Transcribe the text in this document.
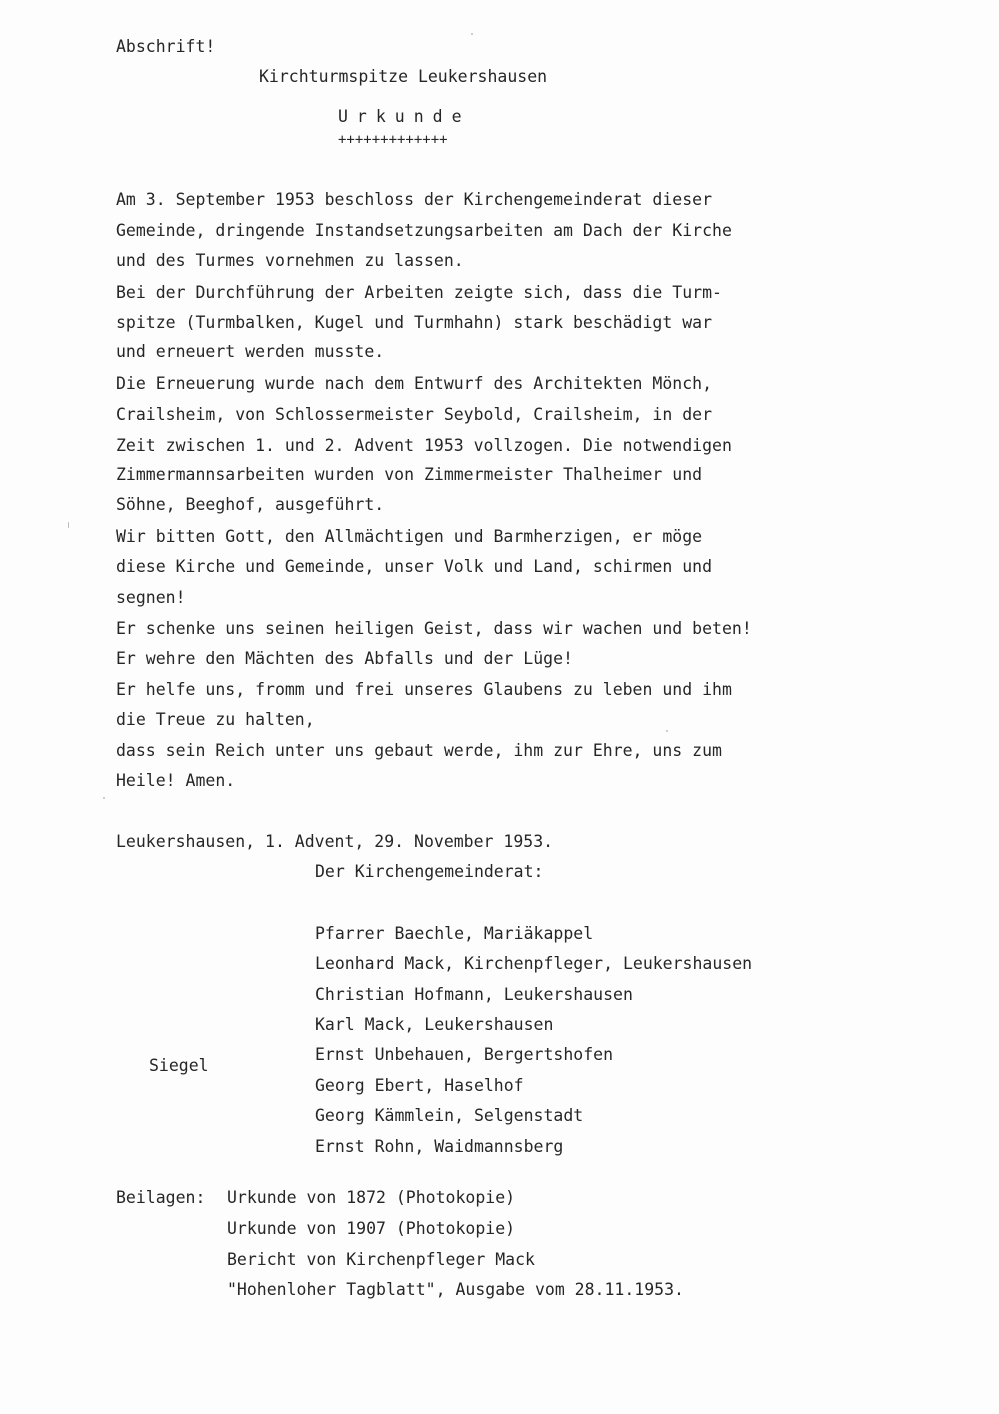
Abschrift!
Kirchturmspitze Leukershausen
Urkunde
+++++++++++++
Am 3. September 1953 beschloss der Kirchengemeinderat dieser
Gemeinde, dringende Instandsetzungsarbeiten am Dach der Kirche
und des Turmes vornehmen zu lassen.
Bei der Durchführung der Arbeiten zeigte sich, dass die Turm-
spitze (Turmbalken, Kugel und Turmhahn) stark beschädigt war
und erneuert werden musste.
Die Erneuerung wurde nach dem Entwurf des Architekten Mönch,
Crailsheim, von Schlossermeister Seybold, Crailsheim, in der
Zeit zwischen 1. und 2. Advent 1953 vollzogen. Die notwendigen
Zimmermannsarbeiten wurden von Zimmermeister Thalheimer und
Söhne, Beeghof, ausgeführt.
Wir bitten Gott, den Allmächtigen und Barmherzigen, er möge
diese Kirche und Gemeinde, unser Volk und Land, schirmen und
segnen!
Er schenke uns seinen heiligen Geist, dass wir wachen und beten!
Er wehre den Mächten des Abfalls und der Lüge!
Er helfe uns, fromm und frei unseres Glaubens zu leben und ihm
die Treue zu halten,
dass sein Reich unter uns gebaut werde, ihm zur Ehre, uns zum
Heile! Amen.
Leukershausen, 1. Advent, 29. November 1953.
Der Kirchengemeinderat:
Pfarrer Baechle, Mariäkappel
Leonhard Mack, Kirchenpfleger, Leukershausen
Christian Hofmann, Leukershausen
Karl Mack, Leukershausen
Ernst Unbehauen, Bergertshofen
Georg Ebert, Haselhof
Georg Kämmlein, Selgenstadt
Ernst Rohn, Waidmannsberg
Siegel
Beilagen: Urkunde von 1872 (Photokopie)
Urkunde von 1907 (Photokopie)
Bericht von Kirchenpfleger Mack
"Hohenloher Tagblatt", Ausgabe vom 28.11.1953.
